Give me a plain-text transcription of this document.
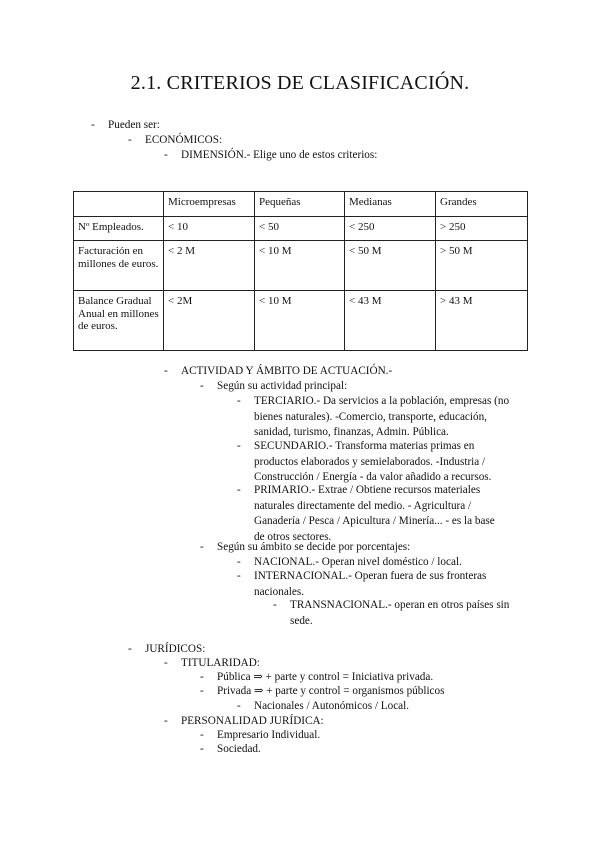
2.1. CRITERIOS DE CLASIFICACIÓN.
- Pueden ser:
- ECONÓMICOS:
- DIMENSIÓN.- Elige uno de estos criterios:
	Microempresas	Pequeñas	Medianas	Grandes
Nº Empleados.	< 10	< 50	< 250	> 250
Facturación en millones de euros.	< 2 M	< 10 M	< 50 M	> 50 M
Balance Gradual Anual en millones de euros.	< 2M	< 10 M	< 43 M	> 43 M
- ACTIVIDAD Y ÁMBITO DE ACTUACIÓN.-
- Según su actividad principal:
- TERCIARIO.- Da servicios a la población, empresas (no
bienes naturales). -Comercio, transporte, educación,
sanidad, turismo, finanzas, Admin. Pública.
- SECUNDARIO.- Transforma materias primas en
productos elaborados y semielaborados. -Industria /
Construcción / Energía - da valor añadido a recursos.
- PRIMARIO.- Extrae / Obtiene recursos materiales
naturales directamente del medio. - Agricultura /
Ganadería / Pesca / Apicultura / Minería... - es la base
de otros sectores.
- Según su ámbito se decide por porcentajes:
- NACIONAL.- Operan nivel doméstico / local.
- INTERNACIONAL.- Operan fuera de sus fronteras
nacionales.
- TRANSNACIONAL.- operan en otros países sin
sede.
- JURÍDICOS:
- TITULARIDAD:
- Pública ⇒ + parte y control = Iniciativa privada.
- Privada ⇒ + parte y control = organismos públicos
- Nacionales / Autonómicos / Local.
- PERSONALIDAD JURÍDICA:
- Empresario Individual.
- Sociedad.
